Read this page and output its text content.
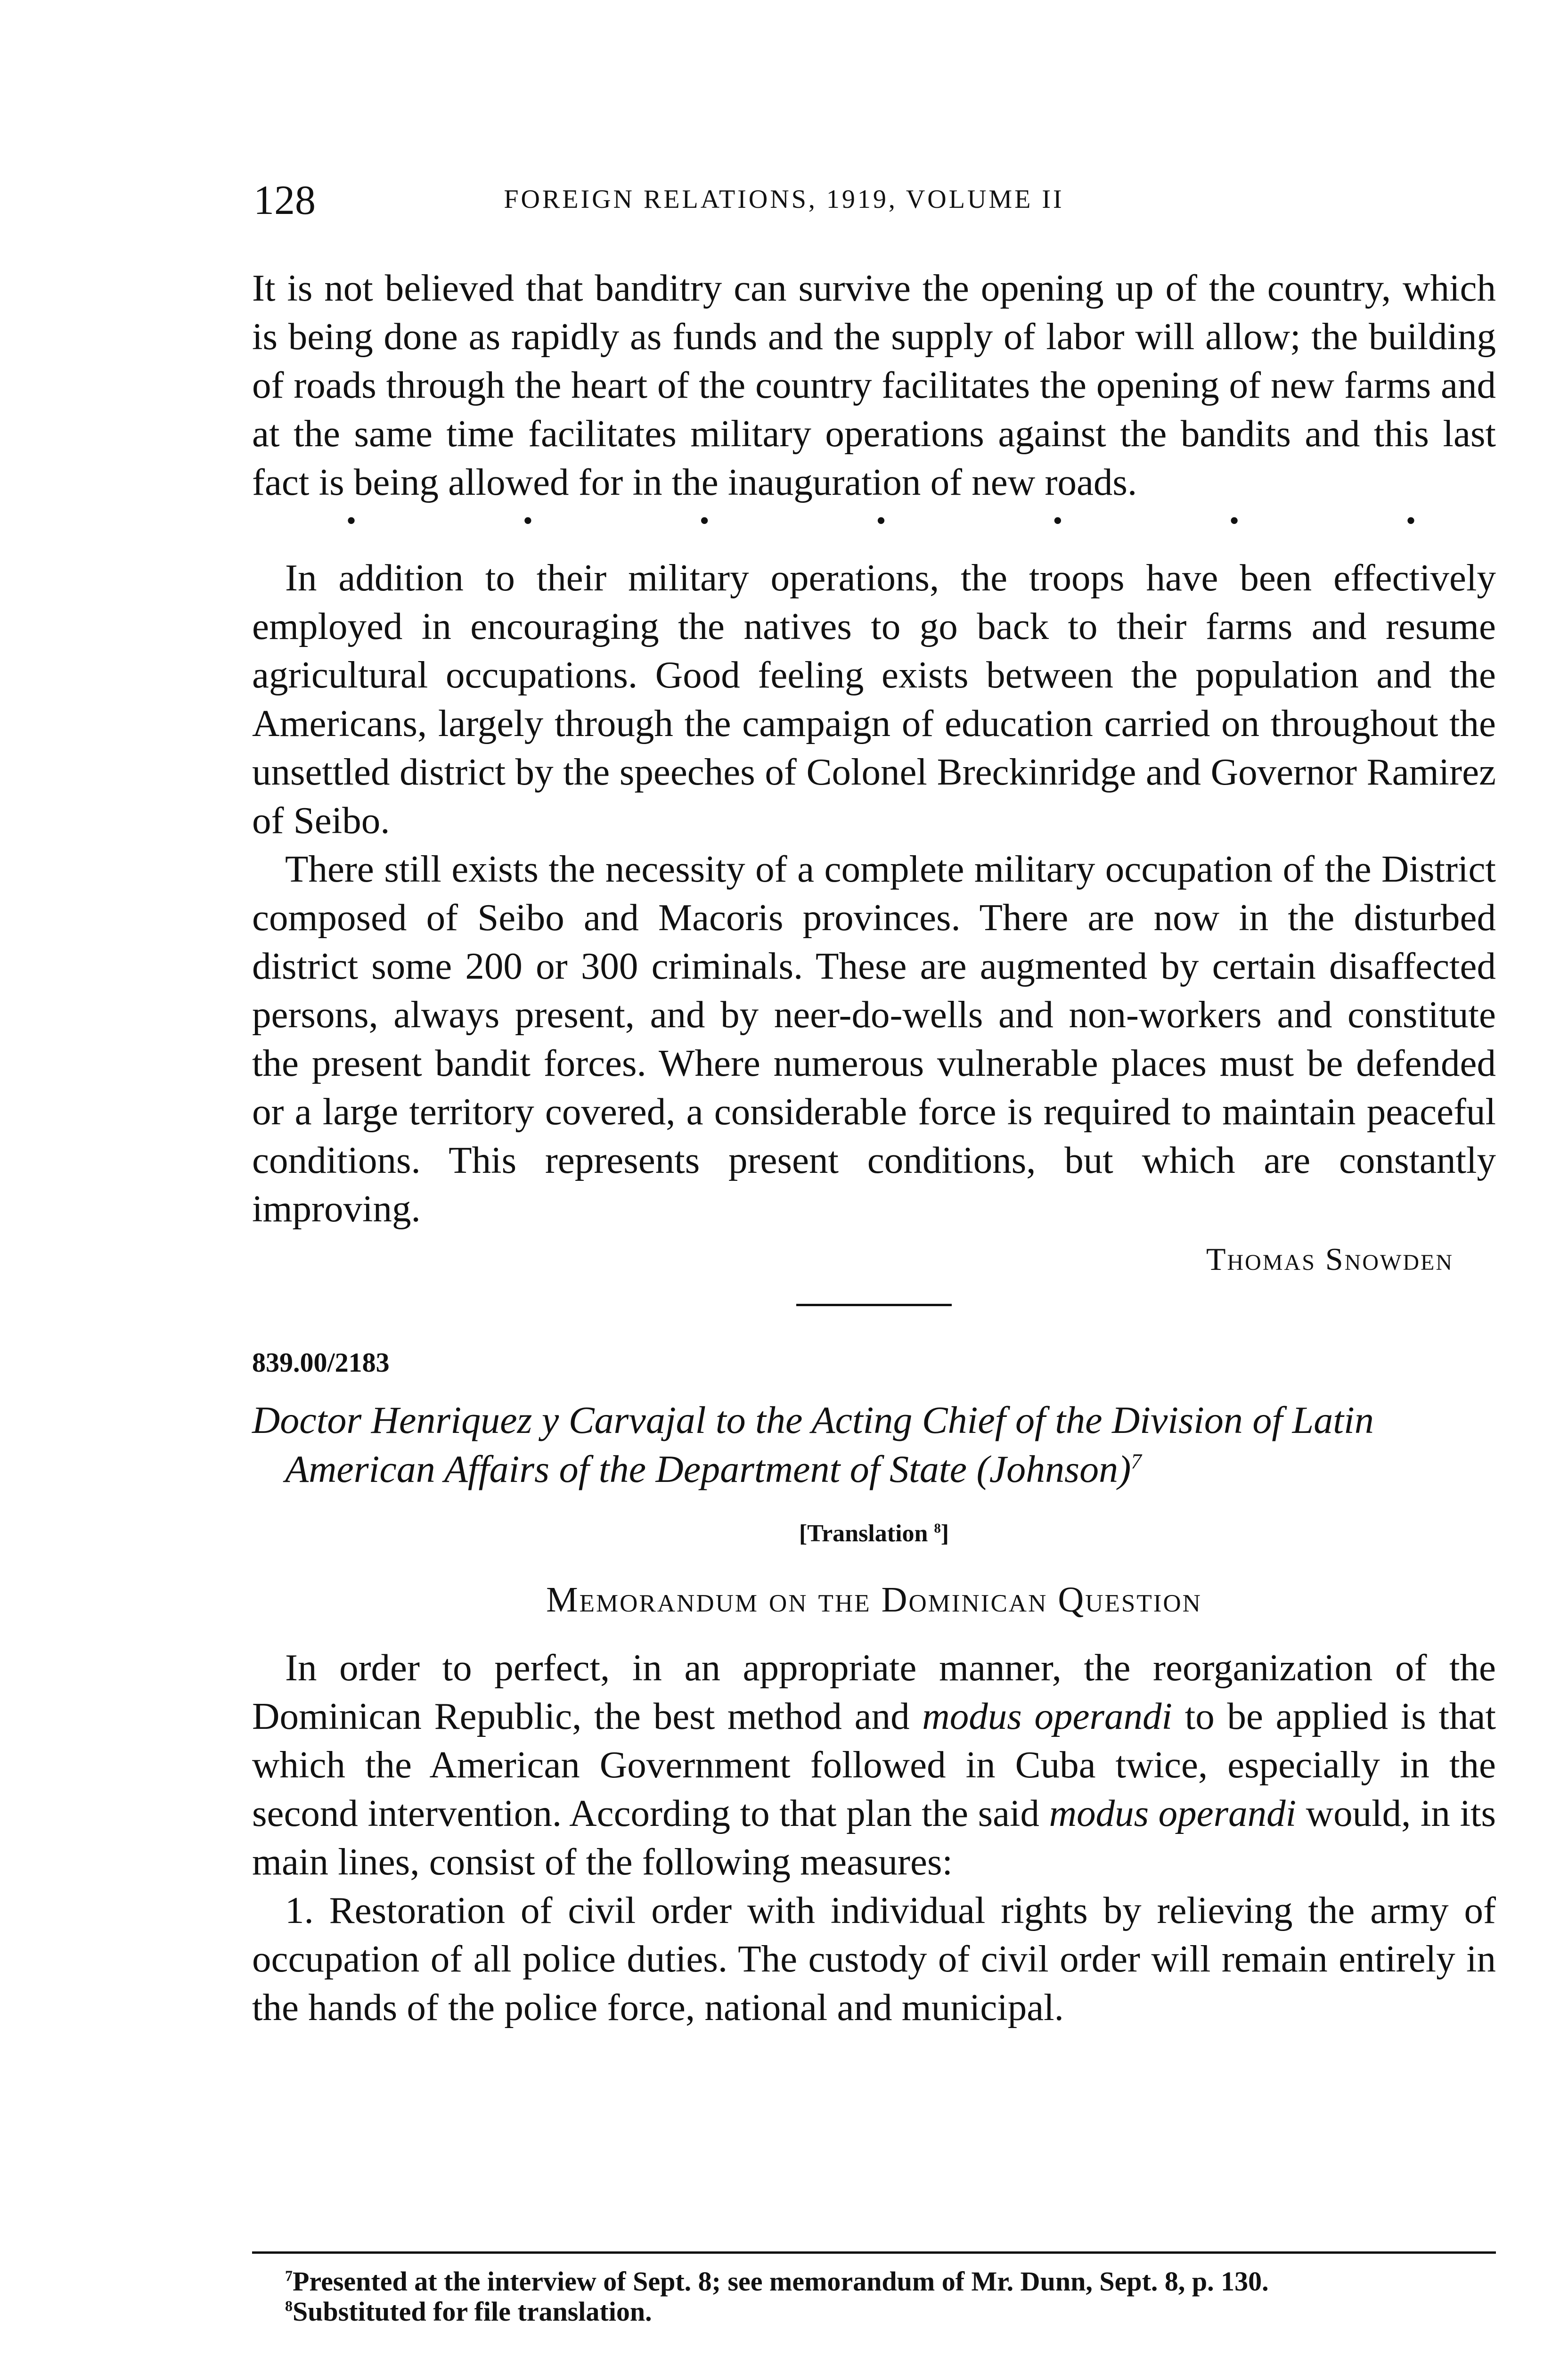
128	FOREIGN RELATIONS, 1919, VOLUME II

It is not believed that banditry can survive the opening up of the country, which is being done as rapidly as funds and the supply of labor will allow; the building of roads through the heart of the country facilitates the opening of new farms and at the same time facilitates military operations against the bandits and this last fact is being allowed for in the inauguration of new roads.

•	•	•	•	•	•	•

In addition to their military operations, the troops have been effectively employed in encouraging the natives to go back to their farms and resume agricultural occupations. Good feeling exists between the population and the Americans, largely through the campaign of education carried on throughout the unsettled district by the speeches of Colonel Breckinridge and Governor Ramirez of Seibo.

There still exists the necessity of a complete military occupation of the District composed of Seibo and Macoris provinces. There are now in the disturbed district some 200 or 300 criminals. These are augmented by certain disaffected persons, always present, and by neer-do-wells and non-workers and constitute the present bandit forces. Where numerous vulnerable places must be defended or a large territory covered, a considerable force is required to maintain peaceful conditions. This represents present conditions, but which are constantly improving.

Thomas Snowden

839.00/2183
Doctor Henriquez y Carvajal to the Acting Chief of the Division of Latin American Affairs of the Department of State (Johnson)$^7$
[Translation $^8$]
Memorandum on the Dominican Question

In order to perfect, in an appropriate manner, the reorganization of the Dominican Republic, the best method and modus operandi to be applied is that which the American Government followed in Cuba twice, especially in the second intervention. According to that plan the said modus operandi would, in its main lines, consist of the following measures:

1. Restoration of civil order with individual rights by relieving the army of occupation of all police duties. The custody of civil order will remain entirely in the hands of the police force, national and municipal.

$^7$Presented at the interview of Sept. 8; see memorandum of Mr. Dunn, Sept. 8, p. 130.

$^8$Substituted for file translation.
